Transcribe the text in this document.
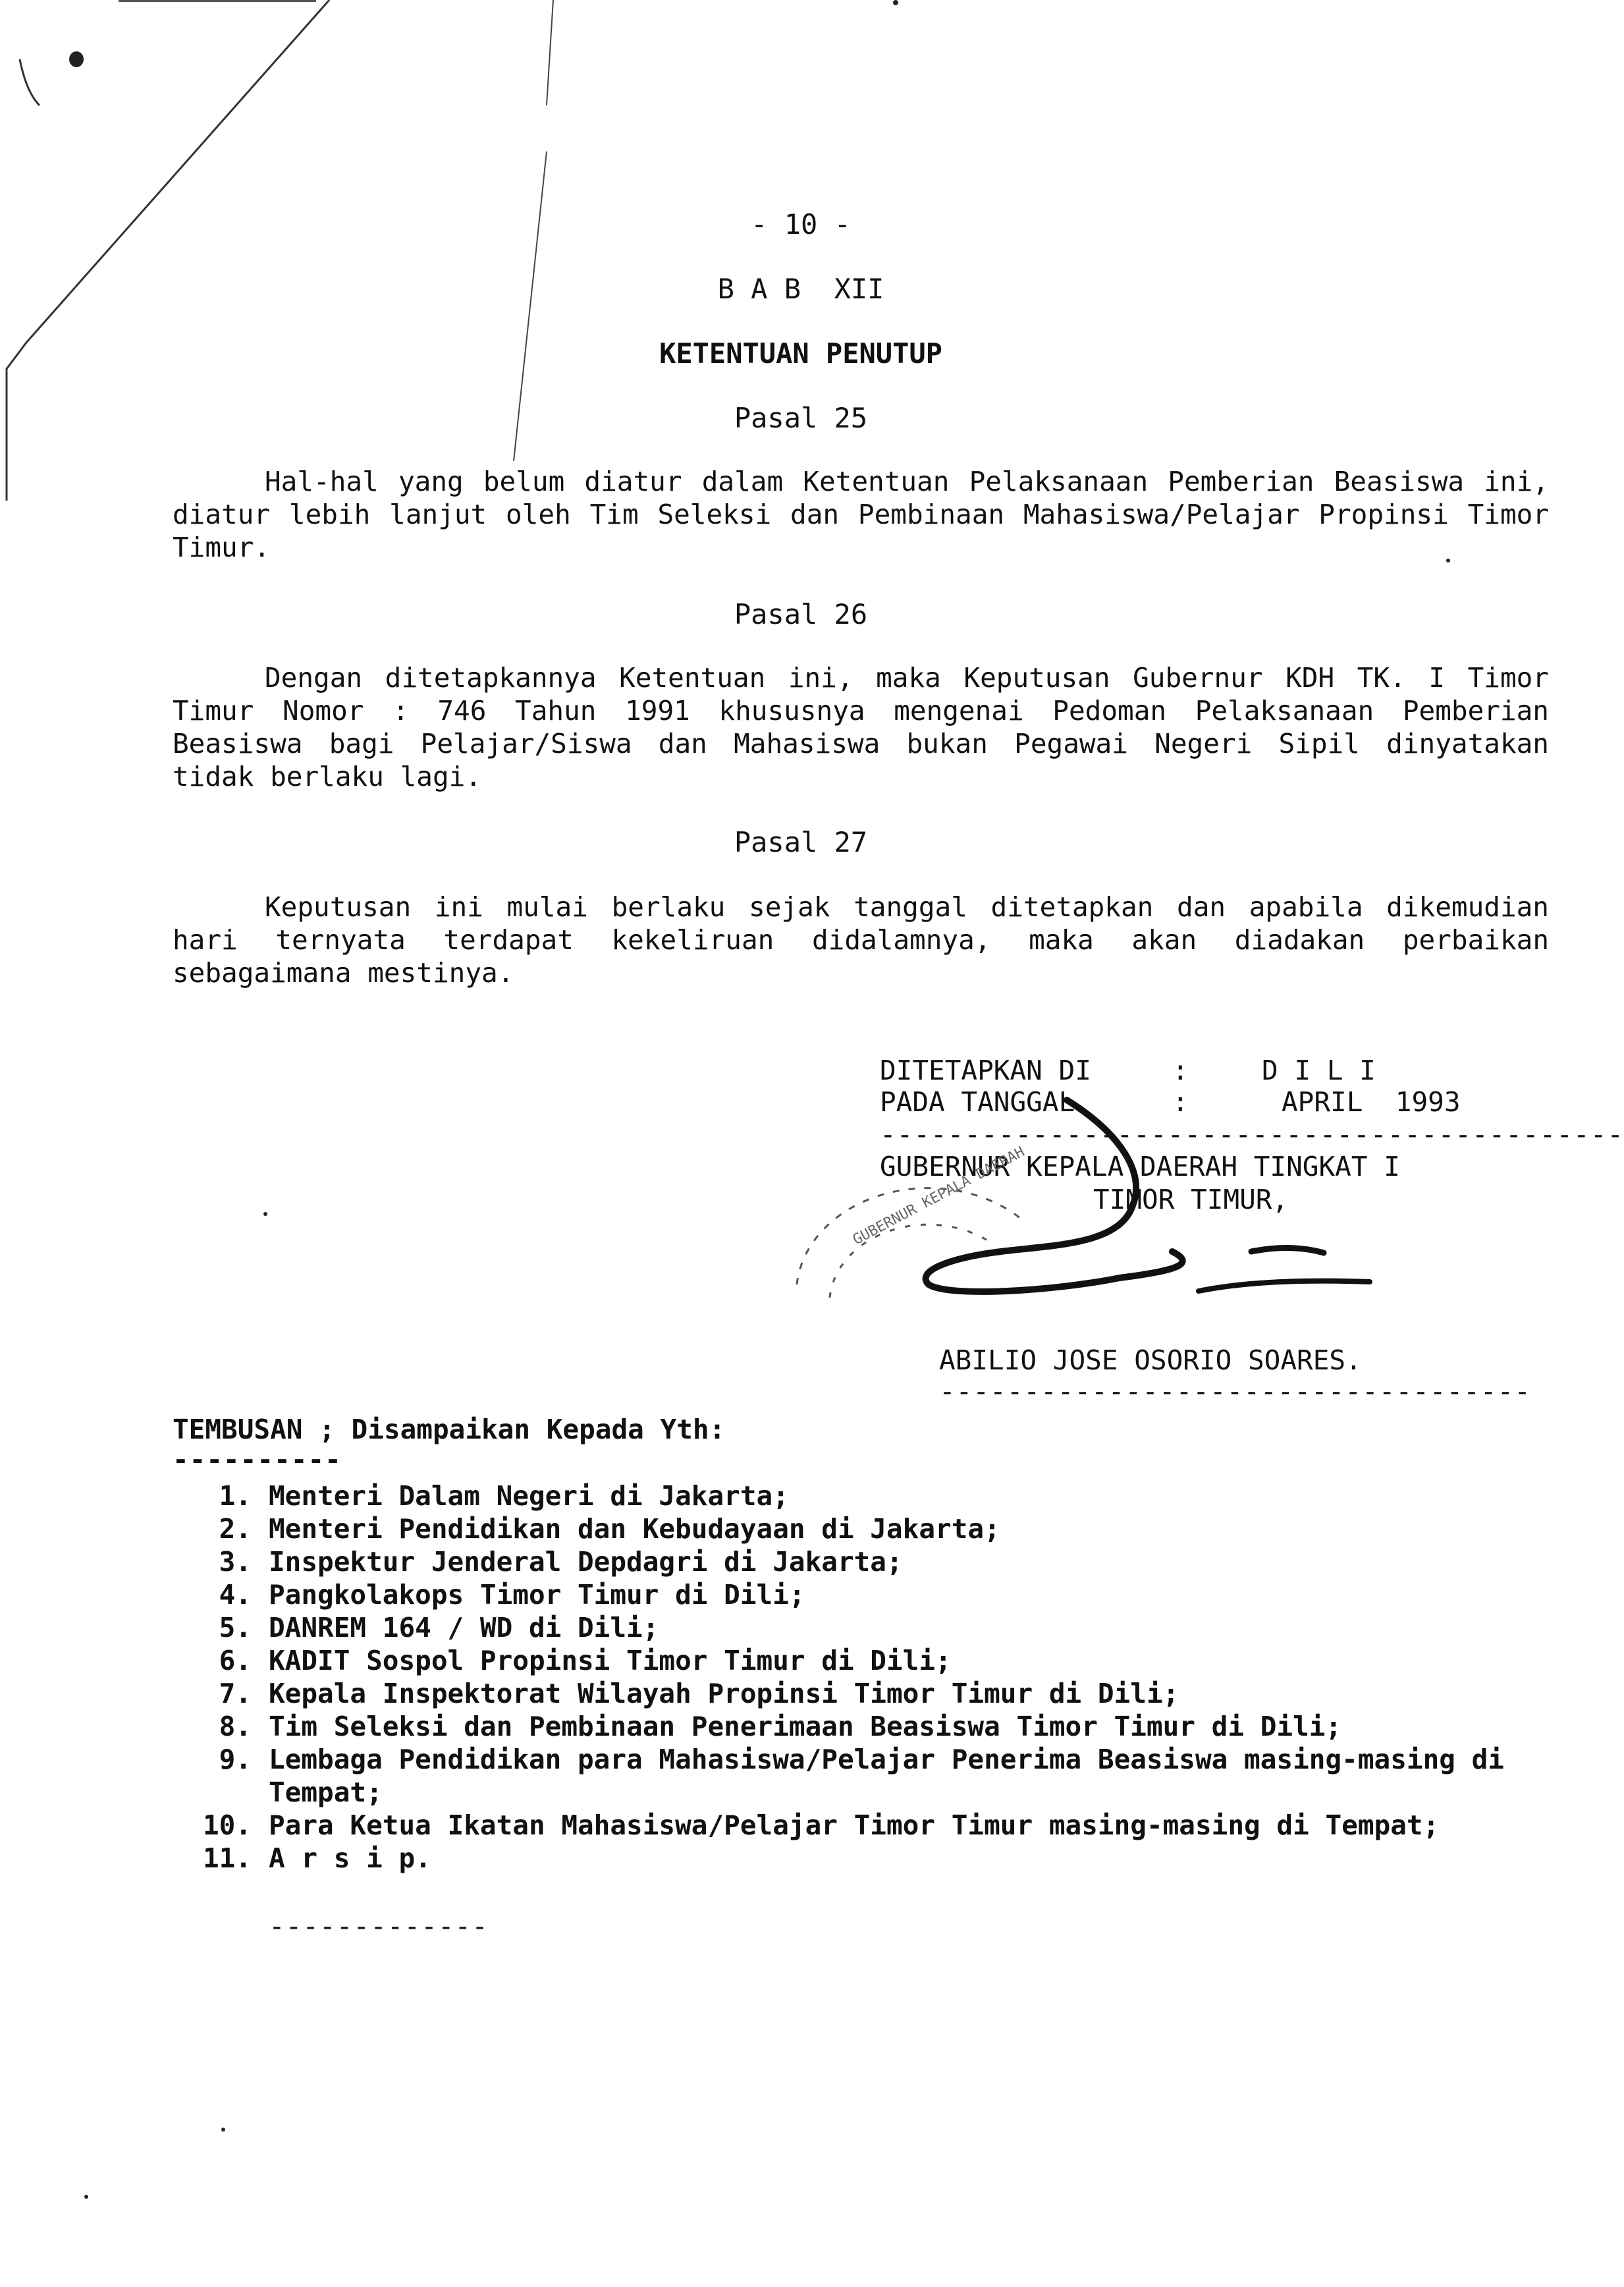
- 10 -
B A B  XII
KETENTUAN PENUTUP
Pasal 25

Hal-hal yang belum diatur dalam Ketentuan Pelaksanaan Pemberian Beasiswa ini, diatur lebih lanjut oleh Tim Seleksi dan Pembinaan Mahasiswa/Pelajar Propinsi Timor Timur.

Pasal 26

Dengan ditetapkannya Ketentuan ini, maka Keputusan Gubernur KDH TK. I Timor Timur Nomor : 746 Tahun 1991 khususnya mengenai Pedoman Pelaksanaan Pemberian Beasiswa bagi Pelajar/Siswa dan Mahasiswa bukan Pegawai Negeri Sipil dinyatakan tidak berlaku lagi.

Pasal 27

Keputusan ini mulai berlaku sejak tanggal ditetapkan dan apabila dikemudian hari ternyata terdapat kekeliruan didalamnya, maka akan diadakan perbaikan sebagaimana mestinya.

DITETAPKAN DI	:	D I L I
PADA TANGGAL	:	APRIL  1993
--------------------------------------------
GUBERNUR KEPALA DAERAH TINGKAT I
TIMOR TIMUR,
GUBERNUR KEPALA DAERAH
ABILIO JOSE OSORIO SOARES.
-----------------------------------
TEMBUSAN ; Disampaikan Kepada Yth:
----------
1. Menteri Dalam Negeri di Jakarta;
2. Menteri Pendidikan dan Kebudayaan di Jakarta;
3. Inspektur Jenderal Depdagri di Jakarta;
4. Pangkolakops Timor Timur di Dili;
5. DANREM 164 / WD di Dili;
6. KADIT Sospol Propinsi Timor Timur di Dili;
7. Kepala Inspektorat Wilayah Propinsi Timor Timur di Dili;
8. Tim Seleksi dan Pembinaan Penerimaan Beasiswa Timor Timur di Dili;
9. Lembaga Pendidikan para Mahasiswa/Pelajar Penerima Beasiswa masing-masing di Tempat;
10. Para Ketua Ikatan Mahasiswa/Pelajar Timor Timur masing-masing di Tempat;
11. A r s i p.
-------------
